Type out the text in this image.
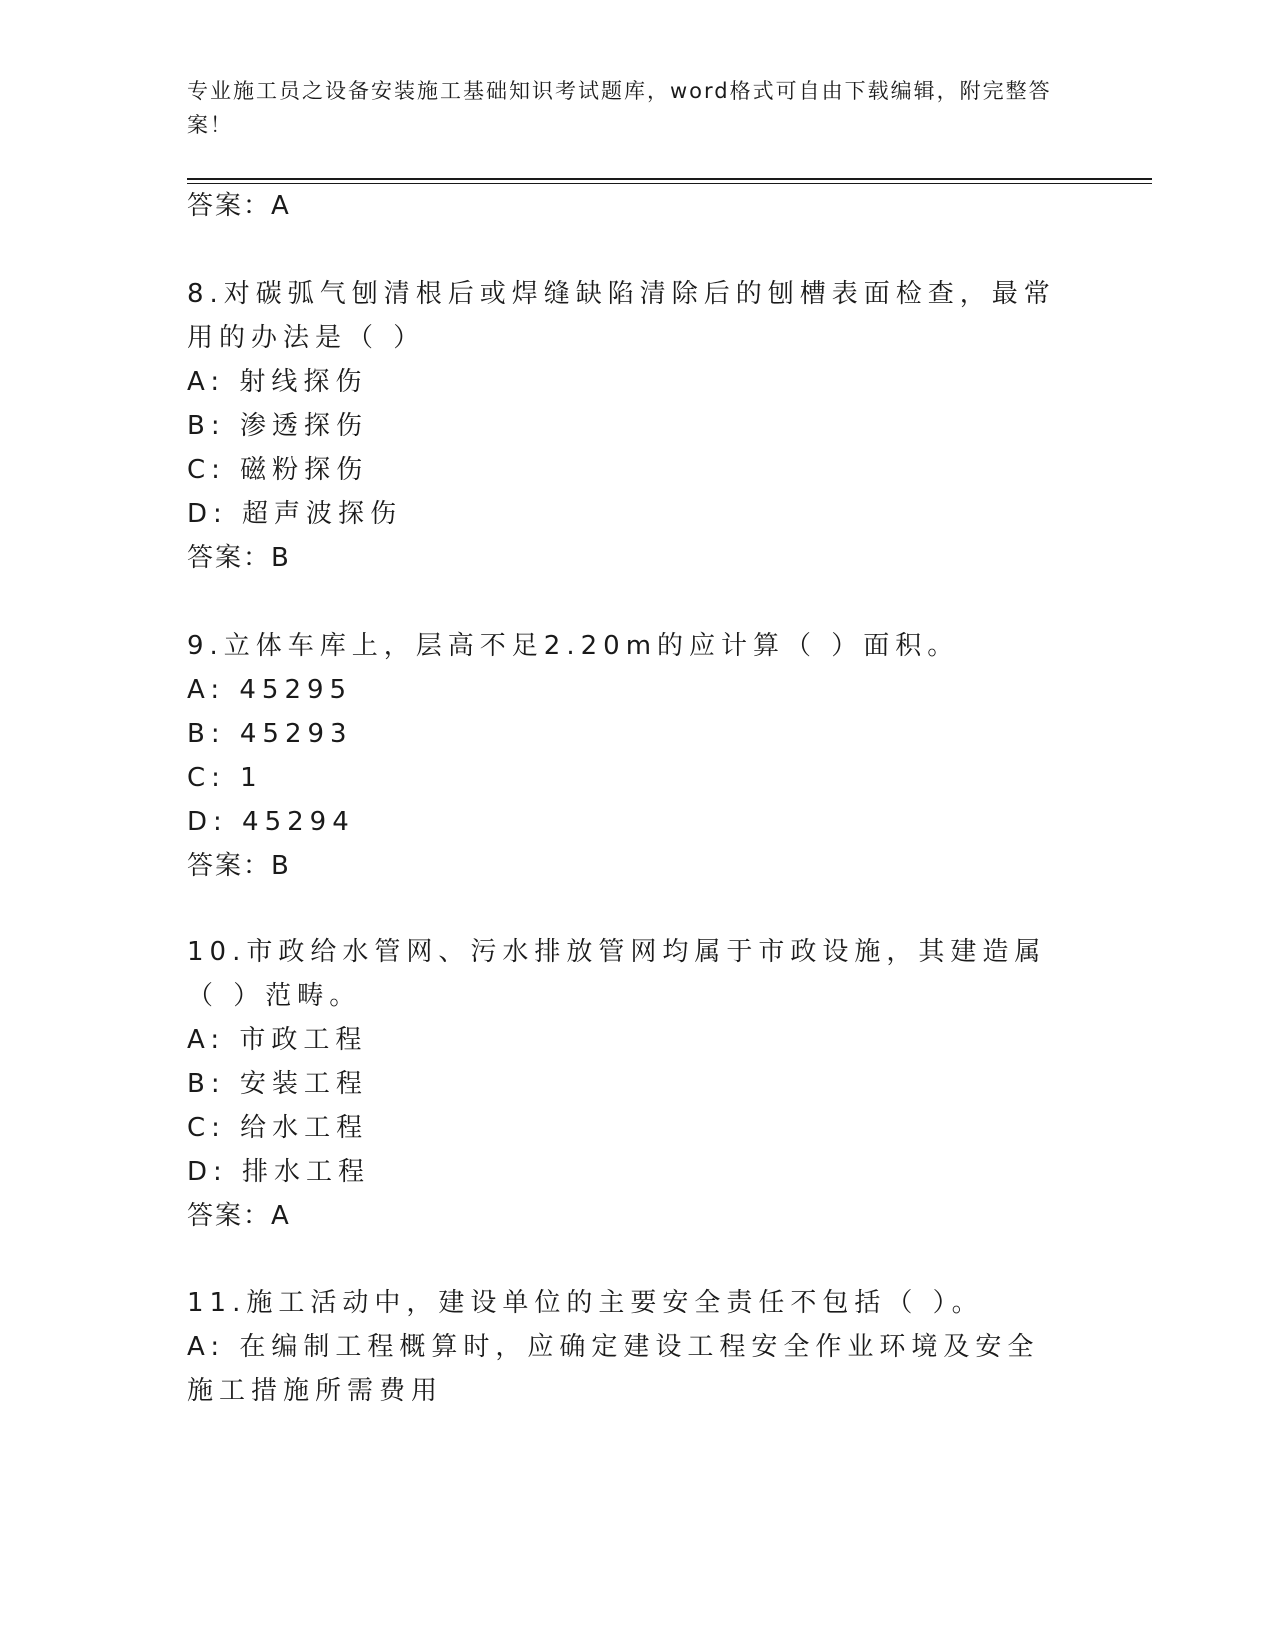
专业施工员之设备安装施工基础知识考试题库，word格式可自由下载编辑，附完整答案！
答案：A
8.对碳弧气刨清根后或焊缝缺陷清除后的刨槽表面检查，最常用的办法是（ ）
A: 射线探伤
B: 渗透探伤
C: 磁粉探伤
D: 超声波探伤
答案：B
9.立体车库上，层高不足2.20m的应计算（ ）面积。
A: 45295
B: 45293
C: 1
D: 45294
答案：B
10.市政给水管网、污水排放管网均属于市政设施，其建造属（ ）范畴。
A: 市政工程
B: 安装工程
C: 给水工程
D: 排水工程
答案：A
11.施工活动中，建设单位的主要安全责任不包括（ ）。
A: 在编制工程概算时，应确定建设工程安全作业环境及安全施工措施所需费用
